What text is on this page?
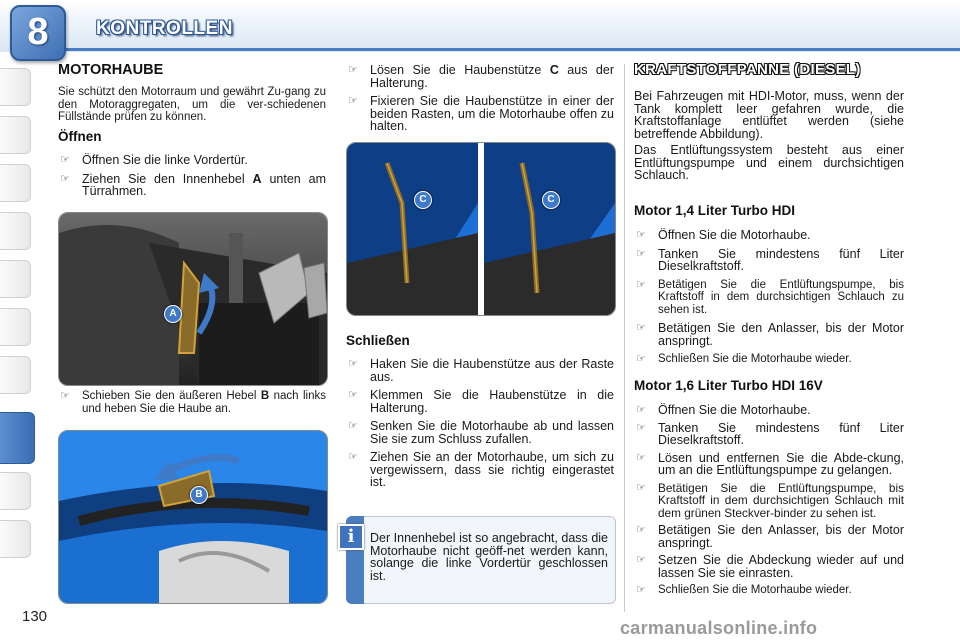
8	KONTROLLEN
130
MOTORHAUBE
Sie schützt den Motorraum und gewährt Zu-gang zu den Motoraggregaten, um die ver-schiedenen Füllstände prüfen zu können.
Öffnen
☞ Öffnen Sie die linke Vordertür.
☞ Ziehen Sie den Innenhebel A unten am Türrahmen.
A
☞ Schieben Sie den äußeren Hebel B nach links und heben Sie die Haube an.
B
☞ Lösen Sie die Haubenstütze C aus der Halterung.
☞ Fixieren Sie die Haubenstütze in einer der beiden Rasten, um die Motorhaube offen zu halten.
C	C
Schließen
☞ Haken Sie die Haubenstütze aus der Raste aus.
☞ Klemmen Sie die Haubenstütze in die Halterung.
☞ Senken Sie die Motorhaube ab und lassen Sie sie zum Schluss zufallen.
☞ Ziehen Sie an der Motorhaube, um sich zu vergewissern, dass sie richtig eingerastet ist.
i	Der Innenhebel ist so angebracht, dass die Motorhaube nicht geöff-net werden kann, solange die linke Vordertür geschlossen ist.
KRAFTSTOFFPANNE (DIESEL)
Bei Fahrzeugen mit HDI-Motor, muss, wenn der Tank komplett leer gefahren wurde, die Kraftstoffanlage entlüftet werden (siehe betreffende Abbildung).
Das Entlüftungssystem besteht aus einer Entlüftungspumpe und einem durchsichtigen Schlauch.
Motor 1,4 Liter Turbo HDI
☞ Öffnen Sie die Motorhaube.
☞ Tanken Sie mindestens fünf Liter Dieselkraftstoff.
☞ Betätigen Sie die Entlüftungspumpe, bis Kraftstoff in dem durchsichtigen Schlauch zu sehen ist.
☞ Betätigen Sie den Anlasser, bis der Motor anspringt.
☞ Schließen Sie die Motorhaube wieder.
Motor 1,6 Liter Turbo HDI 16V
☞ Öffnen Sie die Motorhaube.
☞ Tanken Sie mindestens fünf Liter Dieselkraftstoff.
☞ Lösen und entfernen Sie die Abde-ckung, um an die Entlüftungspumpe zu gelangen.
☞ Betätigen Sie die Entlüftungspumpe, bis Kraftstoff in dem durchsichtigen Schlauch mit dem grünen Steckver-binder zu sehen ist.
☞ Betätigen Sie den Anlasser, bis der Motor anspringt.
☞ Setzen Sie die Abdeckung wieder auf und lassen Sie sie einrasten.
☞ Schließen Sie die Motorhaube wieder.
carmanualsonline.info
